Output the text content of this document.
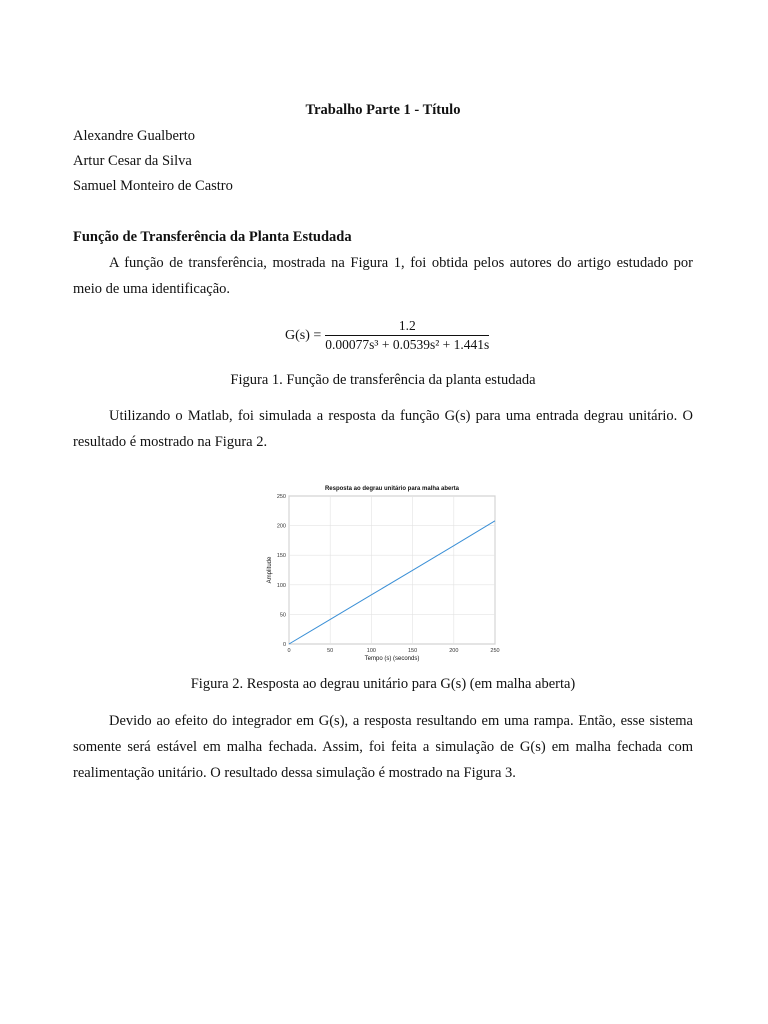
Trabalho Parte 1 - Título
Alexandre Gualberto
Artur Cesar da Silva
Samuel Monteiro de Castro
Função de Transferência da Planta Estudada
A função de transferência, mostrada na Figura 1, foi obtida pelos autores do artigo estudado por meio de uma identificação.
$G(s) = \frac{1.2}{\text{0.00077s³ + 0.0539s² + 1.441s}}$
Figura 1. Função de transferência da planta estudada
Utilizando o Matlab, foi simulada a resposta da função G(s) para uma entrada degrau unitário. O resultado é mostrado na Figura 2.
0	50	100	150	200	250
0
50
100
150
200
250
Resposta ao degrau unitário para malha aberta
Tempo (s) (seconds)
Amplitude
Figura 2. Resposta ao degrau unitário para G(s) (em malha aberta)
Devido ao efeito do integrador em G(s), a resposta resultando em uma rampa. Então, esse sistema somente será estável em malha fechada. Assim, foi feita a simulação de G(s) em malha fechada com realimentação unitário. O resultado dessa simulação é mostrado na Figura 3.
